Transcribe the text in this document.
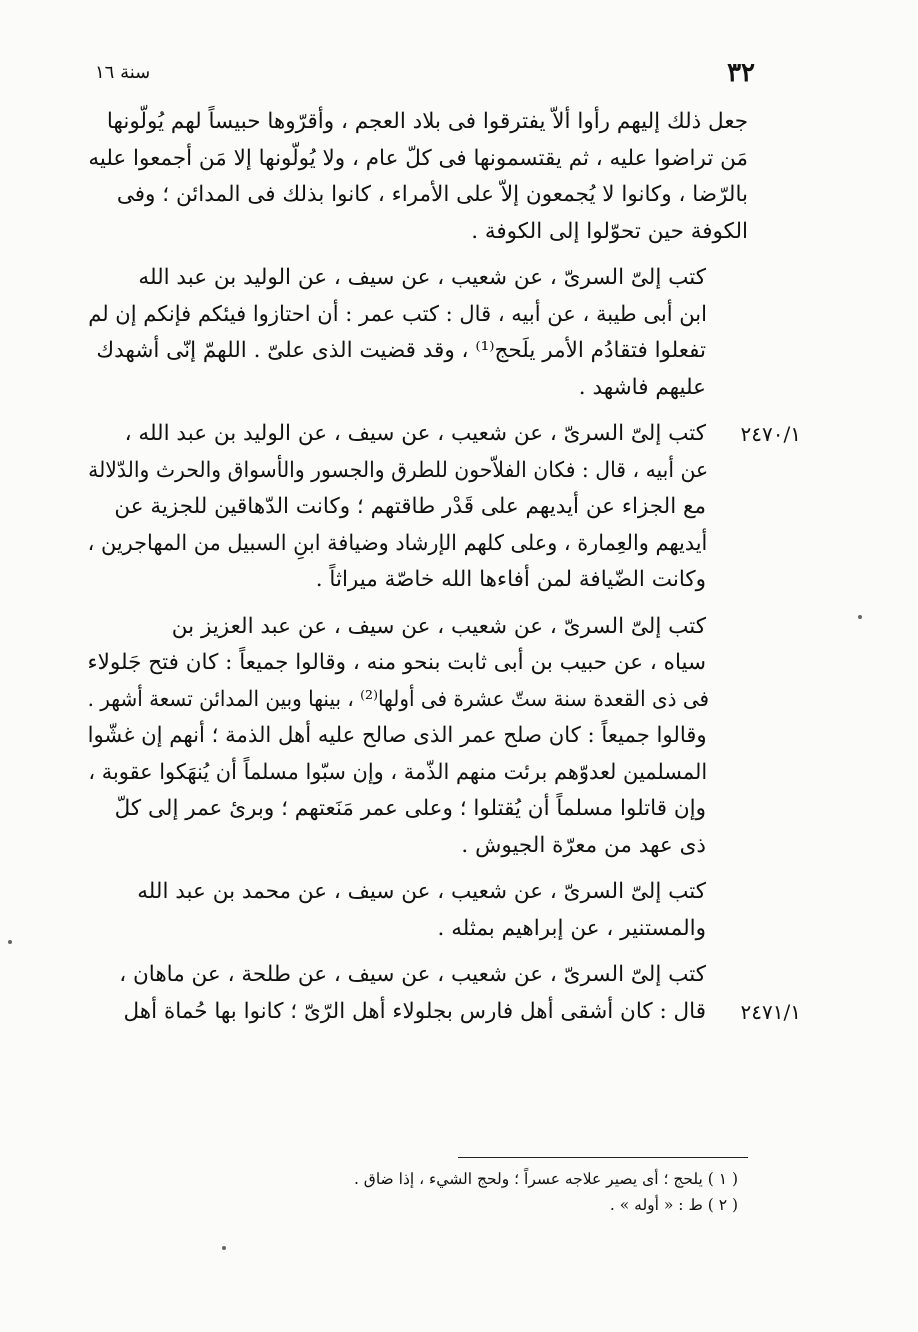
٣٢
سنة ١٦
جعل ذلك إليهم رأوا ألاّ يفترقوا فى بلاد العجم ، وأقرّوها حبيساً لهم يُولّونها
مَن تراضوا عليه ، ثم يقتسمونها فى كلّ عام ، ولا يُولّونها إلا مَن أجمعوا عليه
بالرّضا ، وكانوا لا يُجمعون إلاّ على الأمراء ، كانوا بذلك فى المدائن ؛ وفى
الكوفة حين تحوّلوا إلى الكوفة .
كتب إلىّ السرىّ ، عن شعيب ، عن سيف ، عن الوليد بن عبد الله
ابن أبى طيبة ، عن أبيه ، قال : كتب عمر : أن احتازوا فيئكم فإنكم إن لم
تفعلوا فتقادُم الأمر يلَحج⁽¹⁾ ، وقد قضيت الذى علىّ . اللهمّ إنّى أشهدك
عليهم فاشهد .
كتب إلىّ السرىّ ، عن شعيب ، عن سيف ، عن الوليد بن عبد الله ، ٢٤٧٠/١
عن أبيه ، قال : فكان الفلاّحون للطرق والجسور والأسواق والحرث والدّلالة
مع الجزاء عن أيديهم على قَدْر طاقتهم ؛ وكانت الدّهاقين للجزية عن
أيديهم والعِمارة ، وعلى كلهم الإرشاد وضيافة ابنِ السبيل من المهاجرين ،
وكانت الضّيافة لمن أفاءها الله خاصّة ميراثاً .
كتب إلىّ السرىّ ، عن شعيب ، عن سيف ، عن عبد العزيز بن
سياه ، عن حبيب بن أبى ثابت بنحو منه ، وقالوا جميعاً : كان فتح جَلولاء
فى ذى القعدة سنة ستّ عشرة فى أولها⁽²⁾ ، بينها وبين المدائن تسعة أشهر .
وقالوا جميعاً : كان صلح عمر الذى صالح عليه أهل الذمة ؛ أنهم إن غشّوا
المسلمين لعدوّهم برئت منهم الذّمة ، وإن سبّوا مسلماً أن يُنهَكوا عقوبة ،
وإن قاتلوا مسلماً أن يُقتلوا ؛ وعلى عمر مَنَعتهم ؛ وبرئ عمر إلى كلّ
ذى عهد من معرّة الجيوش .
كتب إلىّ السرىّ ، عن شعيب ، عن سيف ، عن محمد بن عبد الله
والمستنير ، عن إبراهيم بمثله .
كتب إلىّ السرىّ ، عن شعيب ، عن سيف ، عن طلحة ، عن ماهان ،
قال : كان أشقى أهل فارس بجلولاء أهل الرّىّ ؛ كانوا بها حُماة أهل ٢٤٧١/١
( ١ ) يلحج ؛ أى يصير علاجه عسراً ؛ ولحج الشيء ، إذا ضاق .
( ٢ ) ط : « أوله » .
